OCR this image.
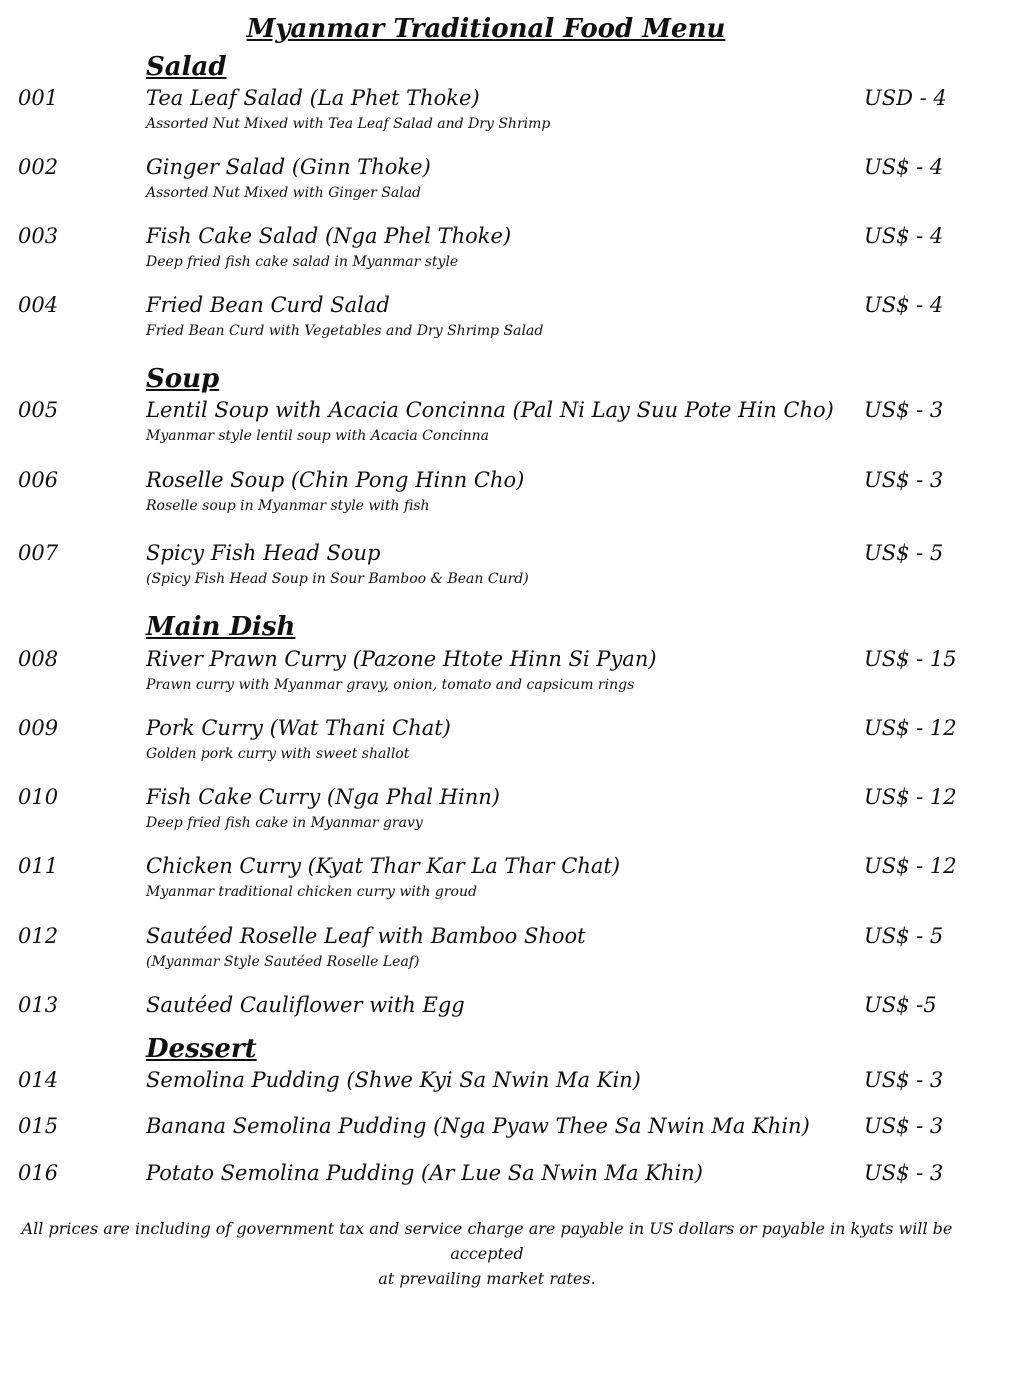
Myanmar Traditional Food Menu
Salad
001	Tea Leaf Salad (La Phet Thoke)	USD - 4
Assorted Nut Mixed with Tea Leaf Salad and Dry Shrimp
002	Ginger Salad (Ginn Thoke)	US$ - 4
Assorted Nut Mixed with Ginger Salad
003	Fish Cake Salad (Nga Phel Thoke)	US$ - 4
Deep fried fish cake salad in Myanmar style
004	Fried Bean Curd Salad	US$ - 4
Fried Bean Curd with Vegetables and Dry Shrimp Salad
Soup
005	Lentil Soup with Acacia Concinna (Pal Ni Lay Suu Pote Hin Cho) US$ - 3
Myanmar style lentil soup with Acacia Concinna
006	Roselle Soup (Chin Pong Hinn Cho)	US$ - 3
Roselle soup in Myanmar style with fish
007	Spicy Fish Head Soup	US$ - 5
(Spicy Fish Head Soup in Sour Bamboo & Bean Curd)
Main Dish
008	River Prawn Curry (Pazone Htote Hinn Si Pyan)	US$ - 15
Prawn curry with Myanmar gravy, onion, tomato and capsicum rings
009	Pork Curry (Wat Thani Chat)	US$ - 12
Golden pork curry with sweet shallot
010	Fish Cake Curry (Nga Phal Hinn)	US$ - 12
Deep fried fish cake in Myanmar gravy
011	Chicken Curry (Kyat Thar Kar La Thar Chat)	US$ - 12
Myanmar traditional chicken curry with groud
012	Sautéed Roselle Leaf with Bamboo Shoot	US$ - 5
(Myanmar Style Sautéed Roselle Leaf)
013	Sautéed Cauliflower with Egg	US$ -5
Dessert
014	Semolina Pudding (Shwe Kyi Sa Nwin Ma Kin)	US$ - 3
015	Banana Semolina Pudding (Nga Pyaw Thee Sa Nwin Ma Khin)	US$ - 3
016	Potato Semolina Pudding (Ar Lue Sa Nwin Ma Khin)	US$ - 3
All prices are including of government tax and service charge are payable in US dollars or payable in kyats will be accepted
at prevailing market rates.
